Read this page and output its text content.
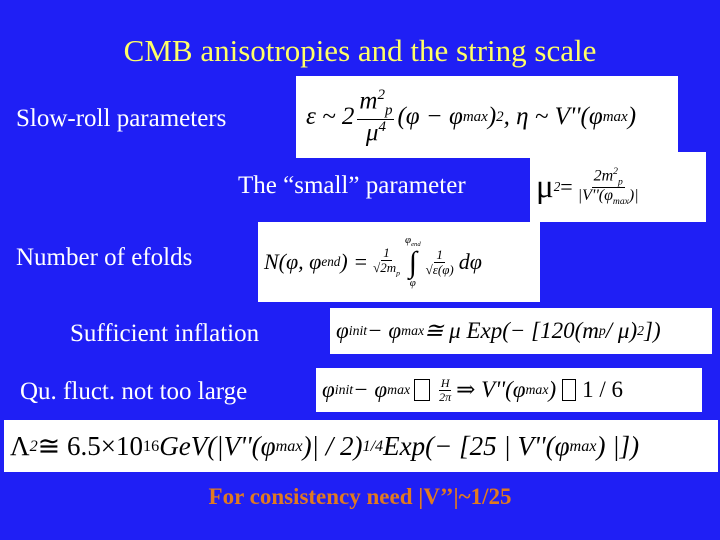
CMB anisotropies and the string scale
Slow-roll parameters	ε ~ $2 \frac{m^2_p}{\mu^4} (\varphi - \varphi$ max ) 2 , η ~ V''(φ max )
The “small” parameter μ $2 = \frac{2m^2_p}{|V''(\varphi_{max})|}$
Number of efolds	N(φ, φ end ) = $\frac{1}{√2m_p}$
$\varphi_{end}$
∫
φ
$\frac{1}{√\varepsilon(\varphi)}$ dφ
Sufficient inflation	φ init − φ max ≅ μ Exp (− [120(m p / μ) 2 ])
Qu. fluct. not too large	φ init − φ $\max \frac{H}{2\pi}$ ⇒ V''(φ max ) 1 / 6
Λ 2 ≅ 6.5×10 16 GeV (|V''(φ max )| / 2) 1/4 Exp (− [25 | V''(φ max ) |])
For consistency need |V’’|~1/25
